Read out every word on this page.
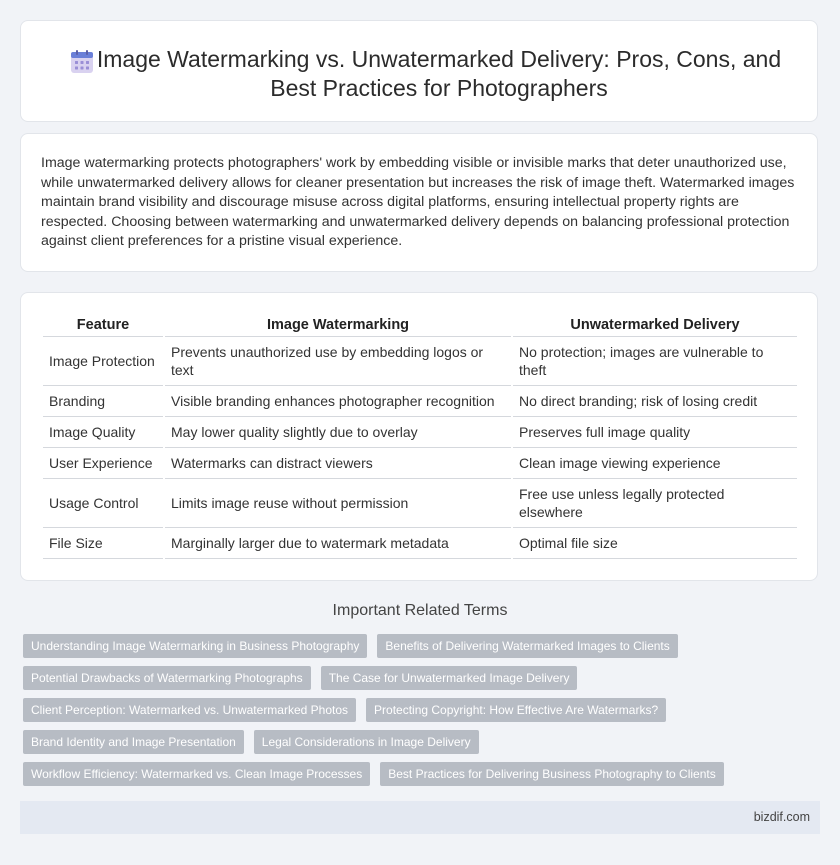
Image Watermarking vs. Unwatermarked Delivery: Pros, Cons, and Best Practices for Photographers

Image watermarking protects photographers' work by embedding visible or invisible marks that deter unauthorized use, while unwatermarked delivery allows for cleaner presentation but increases the risk of image theft. Watermarked images maintain brand visibility and discourage misuse across digital platforms, ensuring intellectual property rights are respected. Choosing between watermarking and unwatermarked delivery depends on balancing professional protection against client preferences for a pristine visual experience.

Feature	Image Watermarking	Unwatermarked Delivery
Image Protection	Prevents unauthorized use by embedding logos or text	No protection; images are vulnerable to theft
Branding	Visible branding enhances photographer recognition	No direct branding; risk of losing credit
Image Quality	May lower quality slightly due to overlay	Preserves full image quality
User Experience	Watermarks can distract viewers	Clean image viewing experience
Usage Control	Limits image reuse without permission	Free use unless legally protected elsewhere
File Size	Marginally larger due to watermark metadata	Optimal file size
Important Related Terms
Understanding Image Watermarking in Business Photography Benefits of Delivering Watermarked Images to Clients
Potential Drawbacks of Watermarking Photographs The Case for Unwatermarked Image Delivery
Client Perception: Watermarked vs. Unwatermarked Photos Protecting Copyright: How Effective Are Watermarks?
Brand Identity and Image Presentation Legal Considerations in Image Delivery
Workflow Efficiency: Watermarked vs. Clean Image Processes Best Practices for Delivering Business Photography to Clients
bizdif.com
